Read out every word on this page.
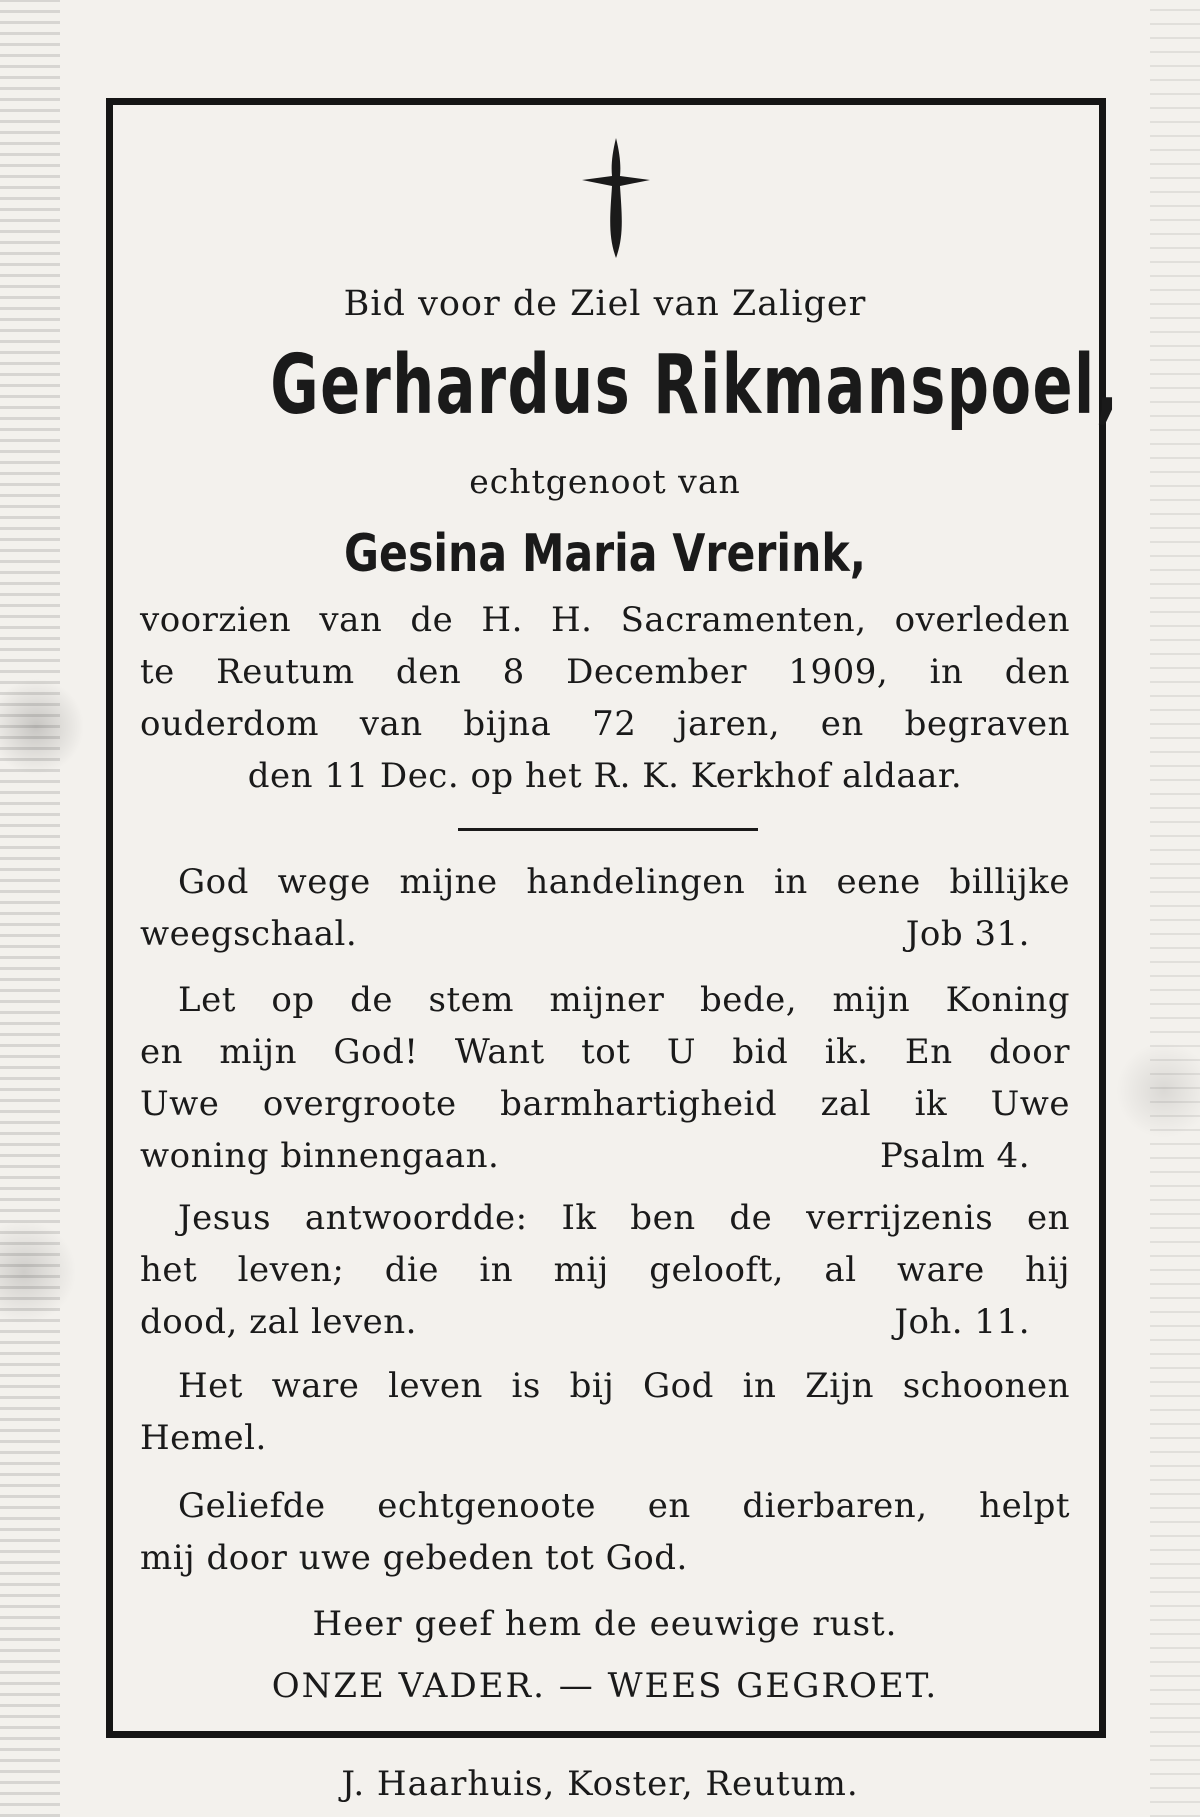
Bid voor de Ziel van Zaliger
Gerhardus Rikmanspoel,
echtgenoot van
Gesina Maria Vrerink,
voorzien van de H. H. Sacramenten, overleden
te Reutum den 8 December 1909, in den
ouderdom van bijna 72 jaren, en begraven
den 11 Dec. op het R. K. Kerkhof aldaar.
God wege mijne handelingen in eene billijke
weegschaal.	Job 31.
Let op de stem mijner bede, mijn Koning
en mijn God! Want tot U bid ik. En door
Uwe overgroote barmhartigheid zal ik Uwe
woning binnengaan.	Psalm 4.
Jesus antwoordde: Ik ben de verrijzenis en
het leven; die in mij gelooft, al ware hij
dood, zal leven.	Joh. 11.
Het ware leven is bij God in Zijn schoonen
Hemel.
Geliefde echtgenoote en dierbaren, helpt
mij door uwe gebeden tot God.
Heer geef hem de eeuwige rust.
ONZE VADER. — WEES GEGROET.
J. Haarhuis, Koster, Reutum.
